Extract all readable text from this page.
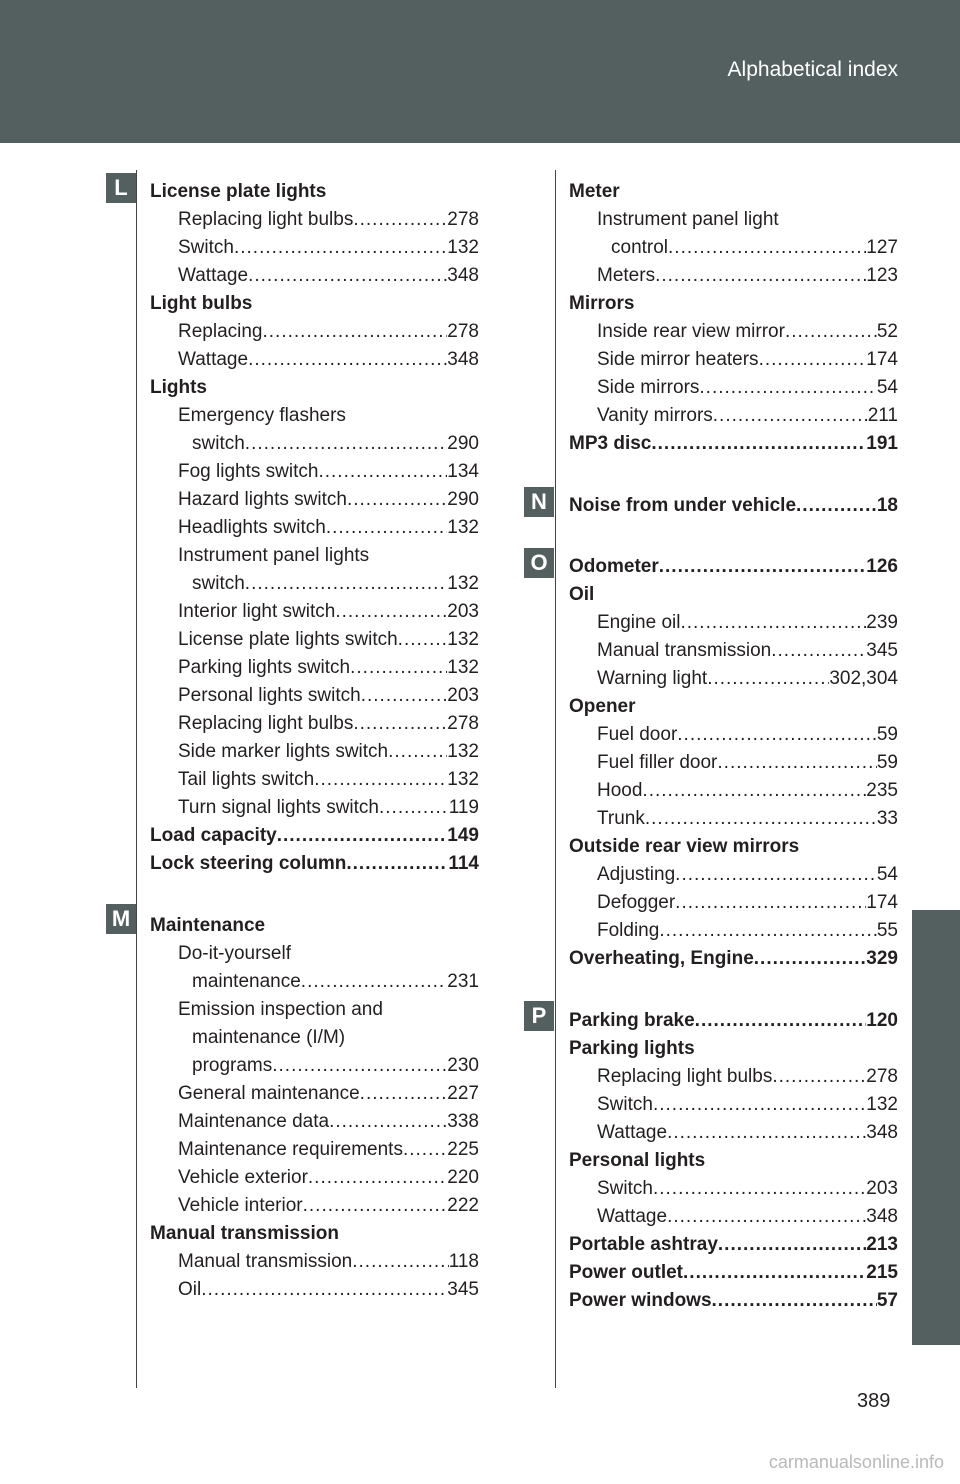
Alphabetical index
L
M
N
O
P
License plate lights
Replacing light bulbs .....	278
Switch .....	132
Wattage .....	348
Light bulbs
Replacing .....	278
Wattage .....	348
Lights
Emergency flashers
switch .....	290
Fog lights switch .....	134
Hazard lights switch .....	290
Headlights switch .....	132
Instrument panel lights
switch .....	132
Interior light switch .....	203
License plate lights switch .....	132
Parking lights switch .....	132
Personal lights switch .....	203
Replacing light bulbs .....	278
Side marker lights switch .....	132
Tail lights switch .....	132
Turn signal lights switch .....	119
Load capacity .....	149
Lock steering column .....	114
Maintenance
Do-it-yourself
maintenance .....	231
Emission inspection and
maintenance (I/M)
programs .....	230
General maintenance .....	227
Maintenance data .....	338
Maintenance requirements ..... 225
Vehicle exterior .....	220
Vehicle interior .....	222
Manual transmission
Manual transmission .....	118
Oil .....	345
Meter
Instrument panel light
control .....	127
Meters .....	123
Mirrors
Inside rear view mirror .....	52
Side mirror heaters .....	174
Side mirrors .....	54
Vanity mirrors .....	211
MP3 disc .....	191
Noise from under vehicle .....	18
Odometer .....	126
Oil
Engine oil .....	239
Manual transmission .....	345
Warning light .....	302,304
Opener
Fuel door .....	59
Fuel filler door .....	59
Hood .....	235
Trunk .....	33
Outside rear view mirrors
Adjusting .....	54
Defogger .....	174
Folding .....	55
Overheating, Engine .....	329
Parking brake .....	120
Parking lights
Replacing light bulbs .....	278
Switch .....	132
Wattage .....	348
Personal lights
Switch .....	203
Wattage .....	348
Portable ashtray .....	213
Power outlet .....	215
Power windows .....	57
389
carmanualsonline.info
